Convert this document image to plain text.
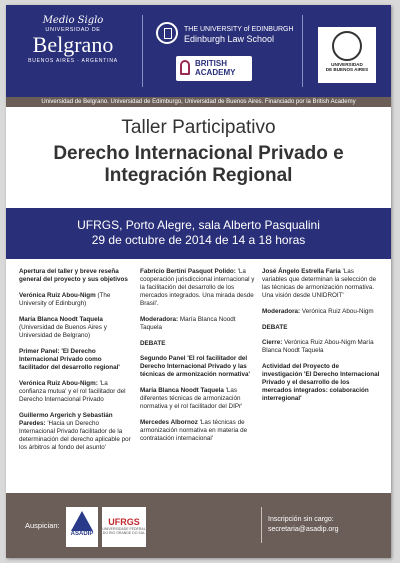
Medio Siglo
UNIVERSIDAD DE
Belgrano
BUENOS AIRES · ARGENTINA
THE UNIVERSITY of EDINBURGH
Edinburgh Law School
BRITISH
ACADEMY
UNIVERSIDAD
DE BUENOS AIRES
Universidad de Belgrano. Universidad de Edimburgo, Universidad de Buenos Aires. Financiado por la British Academy
Taller Participativo
Derecho Internacional Privado e
Integración Regional
UFRGS, Porto Alegre, sala Alberto Pasqualini
29 de octubre de 2014 de 14 a 18 horas

Apertura del taller y breve reseña general del proyecto y sus objetivos

Verónica Ruiz Abou-Nigm (The University of Edinburgh)

María Blanca Noodt Taquela (Universidad de Buenos Aires y Universidad de Belgrano)

Primer Panel: 'El Derecho Internacional Privado como facilitador del desarrollo regional'

Verónica Ruiz Abou-Nigm: 'La confianza mutua' y el rol facilitador del Derecho Internacional Privado

Guillermo Argerich y Sebastián Paredes: 'Hacia un Derecho Internacional Privado facilitador de la determinación del derecho aplicable por los árbitros al fondo del asunto'

Fabrício Bertini Pasquot Polido: 'La cooperación jurisdiccional internacional y la facilitación del desarrollo de los mercados integrados. Una mirada desde Brasil'.

Moderadora: María Blanca Noodt Taquela

DEBATE

Segundo Panel 'El rol facilitador del Derecho Internacional Privado y las técnicas de armonización normativa'

María Blanca Noodt Taquela 'Las diferentes técnicas de armonización normativa y el rol facilitador del DIPr'

Mercedes Albornoz 'Las técnicas de armonización normativa en materia de contratación internacional'

José Ángelo Estrella Faria 'Las variables que determinan la selección de las técnicas de armonización normativa. Una visión desde UNIDROIT'

Moderadora: Verónica Ruiz Abou-Nigm

DEBATE

Cierre: Verónica Ruiz Abou-Nigm María Blanca Noodt Taquela

Actividad del Proyecto de investigación 'El Derecho Internacional Privado y el desarrollo de los mercados integrados: colaboración interregional'

Auspician:
ASADIP
UFRGS
UNIVERSIDADE FEDERAL DO RIO GRANDE DO SUL
Inscripción sin cargo:
secretaria@asadip.org
